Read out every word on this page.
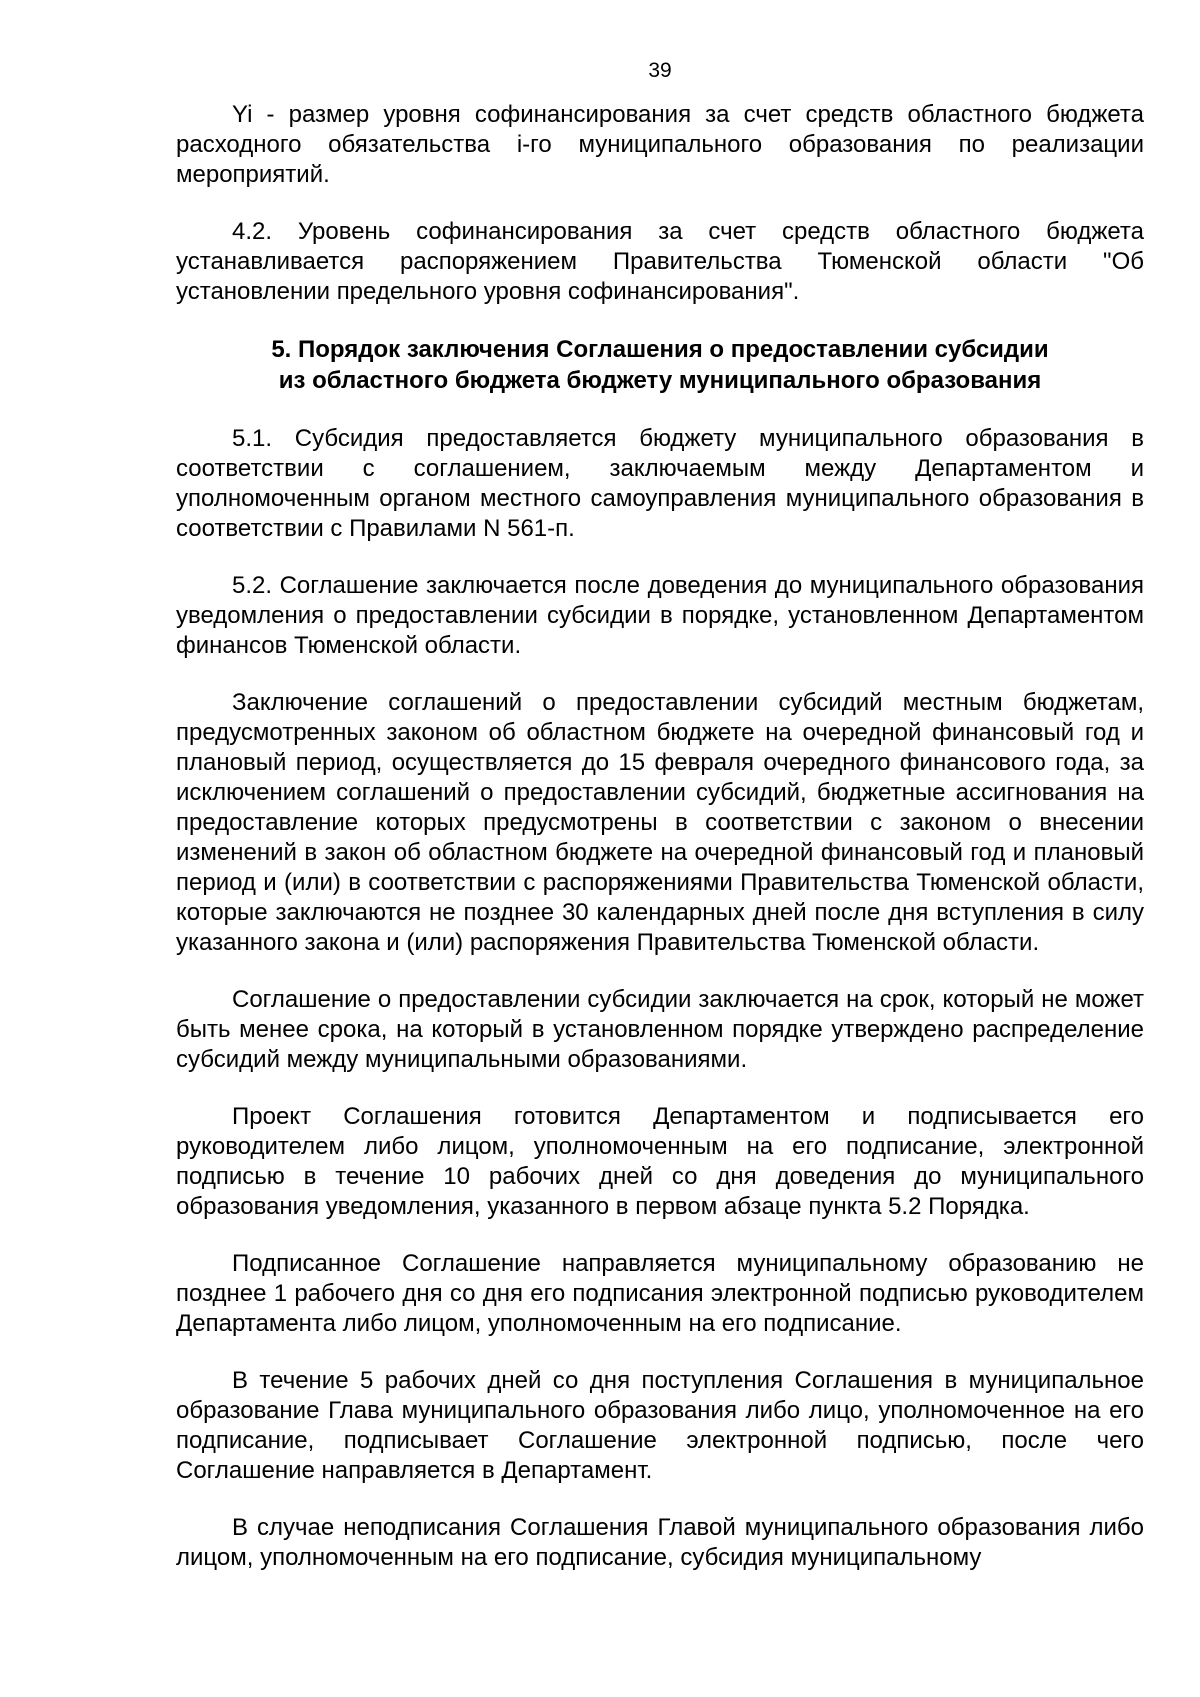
39

Yi - размер уровня софинансирования за счет средств областного бюджета расходного обязательства i-го муниципального образования по реализации мероприятий.

4.2. Уровень софинансирования за счет средств областного бюджета устанавливается распоряжением Правительства Тюменской области "Об установлении предельного уровня софинансирования".

5. Порядок заключения Соглашения о предоставлении субсидии
из областного бюджета бюджету муниципального образования

5.1. Субсидия предоставляется бюджету муниципального образования в соответствии с соглашением, заключаемым между Департаментом и уполномоченным органом местного самоуправления муниципального образования в соответствии с Правилами N 561-п.

5.2. Соглашение заключается после доведения до муниципального образования уведомления о предоставлении субсидии в порядке, установленном Департаментом финансов Тюменской области.

Заключение соглашений о предоставлении субсидий местным бюджетам, предусмотренных законом об областном бюджете на очередной финансовый год и плановый период, осуществляется до 15 февраля очередного финансового года, за исключением соглашений о предоставлении субсидий, бюджетные ассигнования на предоставление которых предусмотрены в соответствии с законом о внесении изменений в закон об областном бюджете на очередной финансовый год и плановый период и (или) в соответствии с распоряжениями Правительства Тюменской области, которые заключаются не позднее 30 календарных дней после дня вступления в силу указанного закона и (или) распоряжения Правительства Тюменской области.

Соглашение о предоставлении субсидии заключается на срок, который не может быть менее срока, на который в установленном порядке утверждено распределение субсидий между муниципальными образованиями.

Проект Соглашения готовится Департаментом и подписывается его руководителем либо лицом, уполномоченным на его подписание, электронной подписью в течение 10 рабочих дней со дня доведения до муниципального образования уведомления, указанного в первом абзаце пункта 5.2 Порядка.

Подписанное Соглашение направляется муниципальному образованию не позднее 1 рабочего дня со дня его подписания электронной подписью руководителем Департамента либо лицом, уполномоченным на его подписание.

В течение 5 рабочих дней со дня поступления Соглашения в муниципальное образование Глава муниципального образования либо лицо, уполномоченное на его подписание, подписывает Соглашение электронной подписью, после чего Соглашение направляется в Департамент.

В случае неподписания Соглашения Главой муниципального образования либо лицом, уполномоченным на его подписание, субсидия муниципальному
